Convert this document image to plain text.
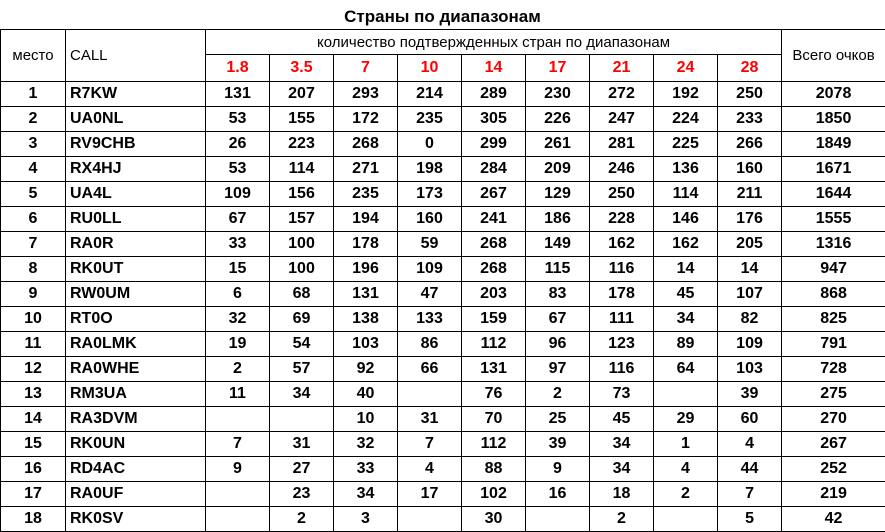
Страны по диапазонам
место	CALL	количество подтвержденных стран по диапазонам									Всего очков
		1.8	3.5	7	10	14	17	21	24	28	
1	R7KW	131	207	293	214	289	230	272	192	250	2078
2	UA0NL	53	155	172	235	305	226	247	224	233	1850
3	RV9CHB	26	223	268	0	299	261	281	225	266	1849
4	RX4HJ	53	114	271	198	284	209	246	136	160	1671
5	UA4L	109	156	235	173	267	129	250	114	211	1644
6	RU0LL	67	157	194	160	241	186	228	146	176	1555
7	RA0R	33	100	178	59	268	149	162	162	205	1316
8	RK0UT	15	100	196	109	268	115	116	14	14	947
9	RW0UM	6	68	131	47	203	83	178	45	107	868
10	RT0O	32	69	138	133	159	67	111	34	82	825
11	RA0LMK	19	54	103	86	112	96	123	89	109	791
12	RA0WHE	2	57	92	66	131	97	116	64	103	728
13	RM3UA	11	34	40		76	2	73		39	275
14	RA3DVM			10	31	70	25	45	29	60	270
15	RK0UN	7	31	32	7	112	39	34	1	4	267
16	RD4AC	9	27	33	4	88	9	34	4	44	252
17	RA0UF		23	34	17	102	16	18	2	7	219
18	RK0SV		2	3		30		2		5	42
